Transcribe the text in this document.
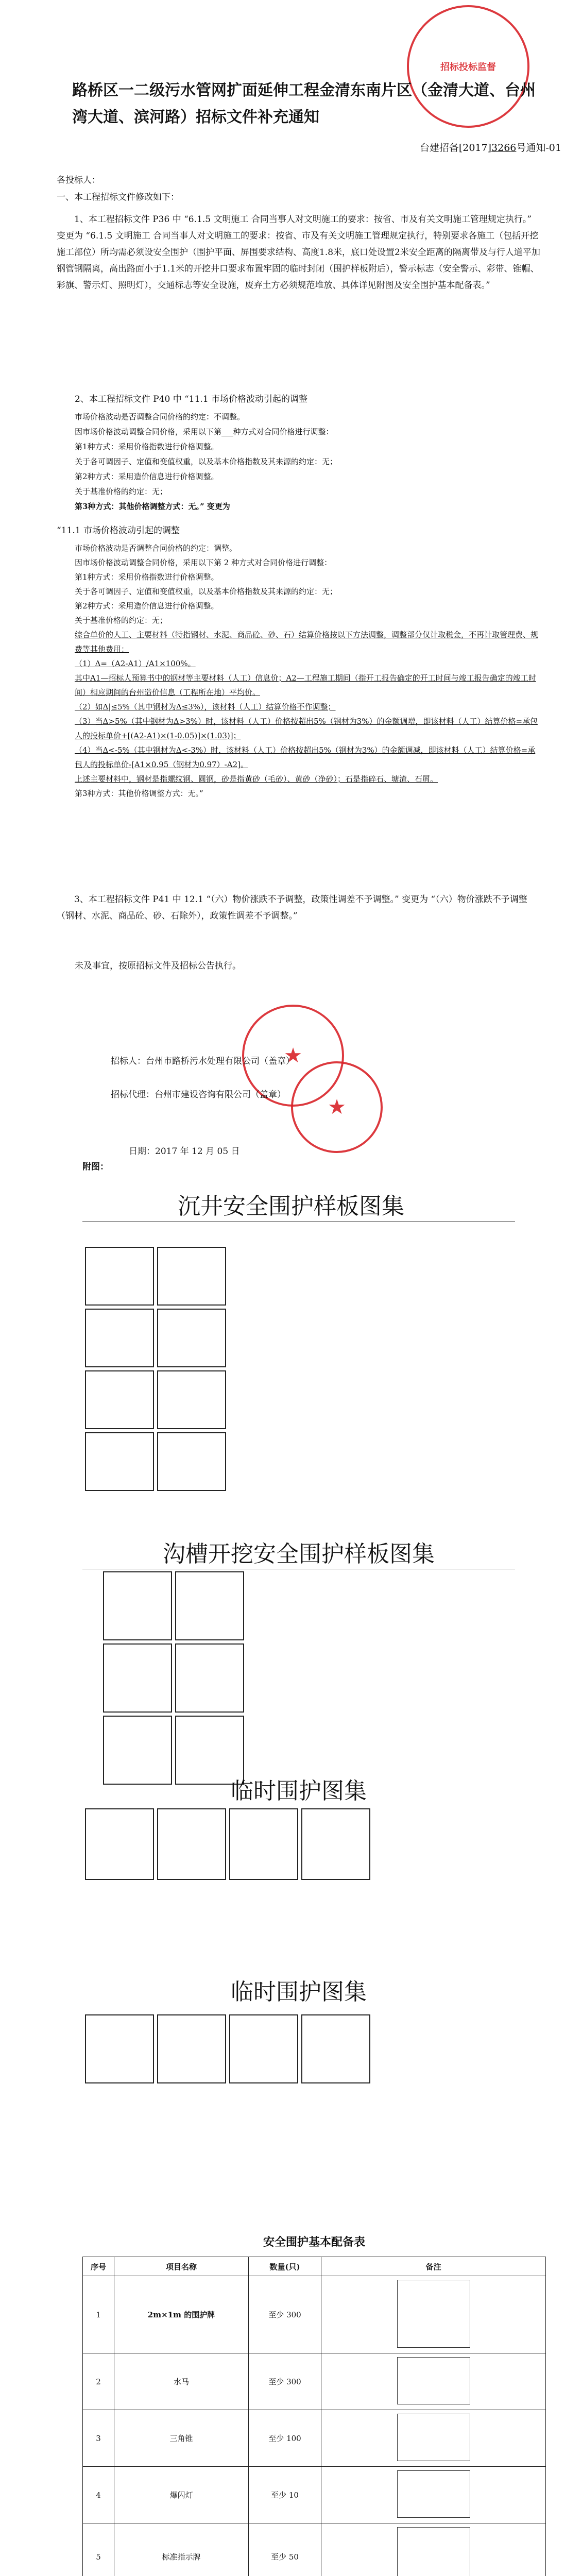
招标投标监督
路桥区一二级污水管网扩面延伸工程金清东南片区（金清大道、台州湾大道、滨河路）招标文件补充通知
台建招备[2017]3266号通知-01
各投标人：
一、本工程招标文件修改如下：
1、本工程招标文件 P36 中 “6.1.5 文明施工 合同当事人对文明施工的要求：按省、市及有关文明施工管理规定执行。” 变更为 “6.1.5 文明施工 合同当事人对文明施工的要求：按省、市及有关文明施工管理规定执行，特别要求各施工（包括开挖施工部位）所均需必须设安全围护（围护平面、屏围要求结构、高度1.8米，底口处设置2米安全距离的隔离带及与行人道平加钢管钢隔离，高出路面小于1.1米的开挖井口要求布置牢固的临时封闭（围护样板附后），警示标志（安全警示、彩带、锥帽、彩旗、警示灯、照明灯），交通标志等安全设施，废弃土方必须规范堆放、具体详见附图及安全围护基本配备表。”
2、本工程招标文件 P40 中 “11.1 市场价格波动引起的调整
市场价格波动是否调整合同价格的约定：不调整。
因市场价格波动调整合同价格，采用以下第___种方式对合同价格进行调整：
第1种方式：采用价格指数进行价格调整。
关于各可调因子、定值和变值权重，以及基本价格指数及其来源的约定：无；
第2种方式：采用造价信息进行价格调整。
关于基准价格的约定：无；
第3种方式：其他价格调整方式：无。” 变更为
“11.1 市场价格波动引起的调整
市场价格波动是否调整合同价格的约定：调整。
因市场价格波动调整合同价格，采用以下第 2 种方式对合同价格进行调整：
第1种方式：采用价格指数进行价格调整。
关于各可调因子、定值和变值权重，以及基本价格指数及其来源的约定：无；
第2种方式：采用造价信息进行价格调整。
关于基准价格的约定：无；
综合单价的人工、主要材料（特指钢材、水泥、商品砼、砂、石）结算价格按以下方法调整，调整部分仅计取税金，不再计取管理费、规费等其他费用：
（1）Δ=（A2-A1）/A1×100%。
其中A1—招标人预算书中的钢材等主要材料（人工）信息价；A2—工程施工期间（指开工报告确定的开工时间与竣工报告确定的竣工时间）相应期间的台州造价信息（工程所在地）平均价。
（2）如Δ|≤5%（其中钢材为Δ≤3%），该材料（人工）结算价格不作调整；
（3）当Δ>5%（其中钢材为Δ>3%）时，该材料（人工）价格按超出5%（钢材为3%）的金额调增，即该材料（人工）结算价格=承包人的投标单价+[(A2-A1)×(1-0.05)]×(1.03)]；
（4）当Δ<-5%（其中钢材为Δ<-3%）时，该材料（人工）价格按超出5%（钢材为3%）的金额调减，即该材料（人工）结算价格=承包人的投标单价-[A1×0.95（钢材为0.97）-A2]。
上述主要材料中，钢材是指螺纹钢、圆钢，砂是指黄砂（毛砂）、黄砂（净砂）；石是指碎石、塘渣、石屑。
第3种方式：其他价格调整方式：无。”
3、本工程招标文件 P41 中 12.1 “（六）物价涨跌不予调整，政策性调差不予调整。” 变更为 “（六）物价涨跌不予调整（钢材、水泥、商品砼、砂、石除外），政策性调差不予调整。”
未及事宜，按原招标文件及招标公告执行。
★
★
招标人：台州市路桥污水处理有限公司（盖章）
招标代理：台州市建设咨询有限公司（盖章）
日期：2017 年 12 月 05 日
附图：
沉井安全围护样板图集
沟槽开挖安全围护样板图集
临时围护图集
临时围护图集
安全围护基本配备表
序号	项目名称	数量(只)	备注
1	2m×1m 的围护牌	至少 300	
2	水马	至少 300	
3	三角锥	至少 100	
4	爆闪灯	至少 10	
5	标准指示牌	至少 50	
